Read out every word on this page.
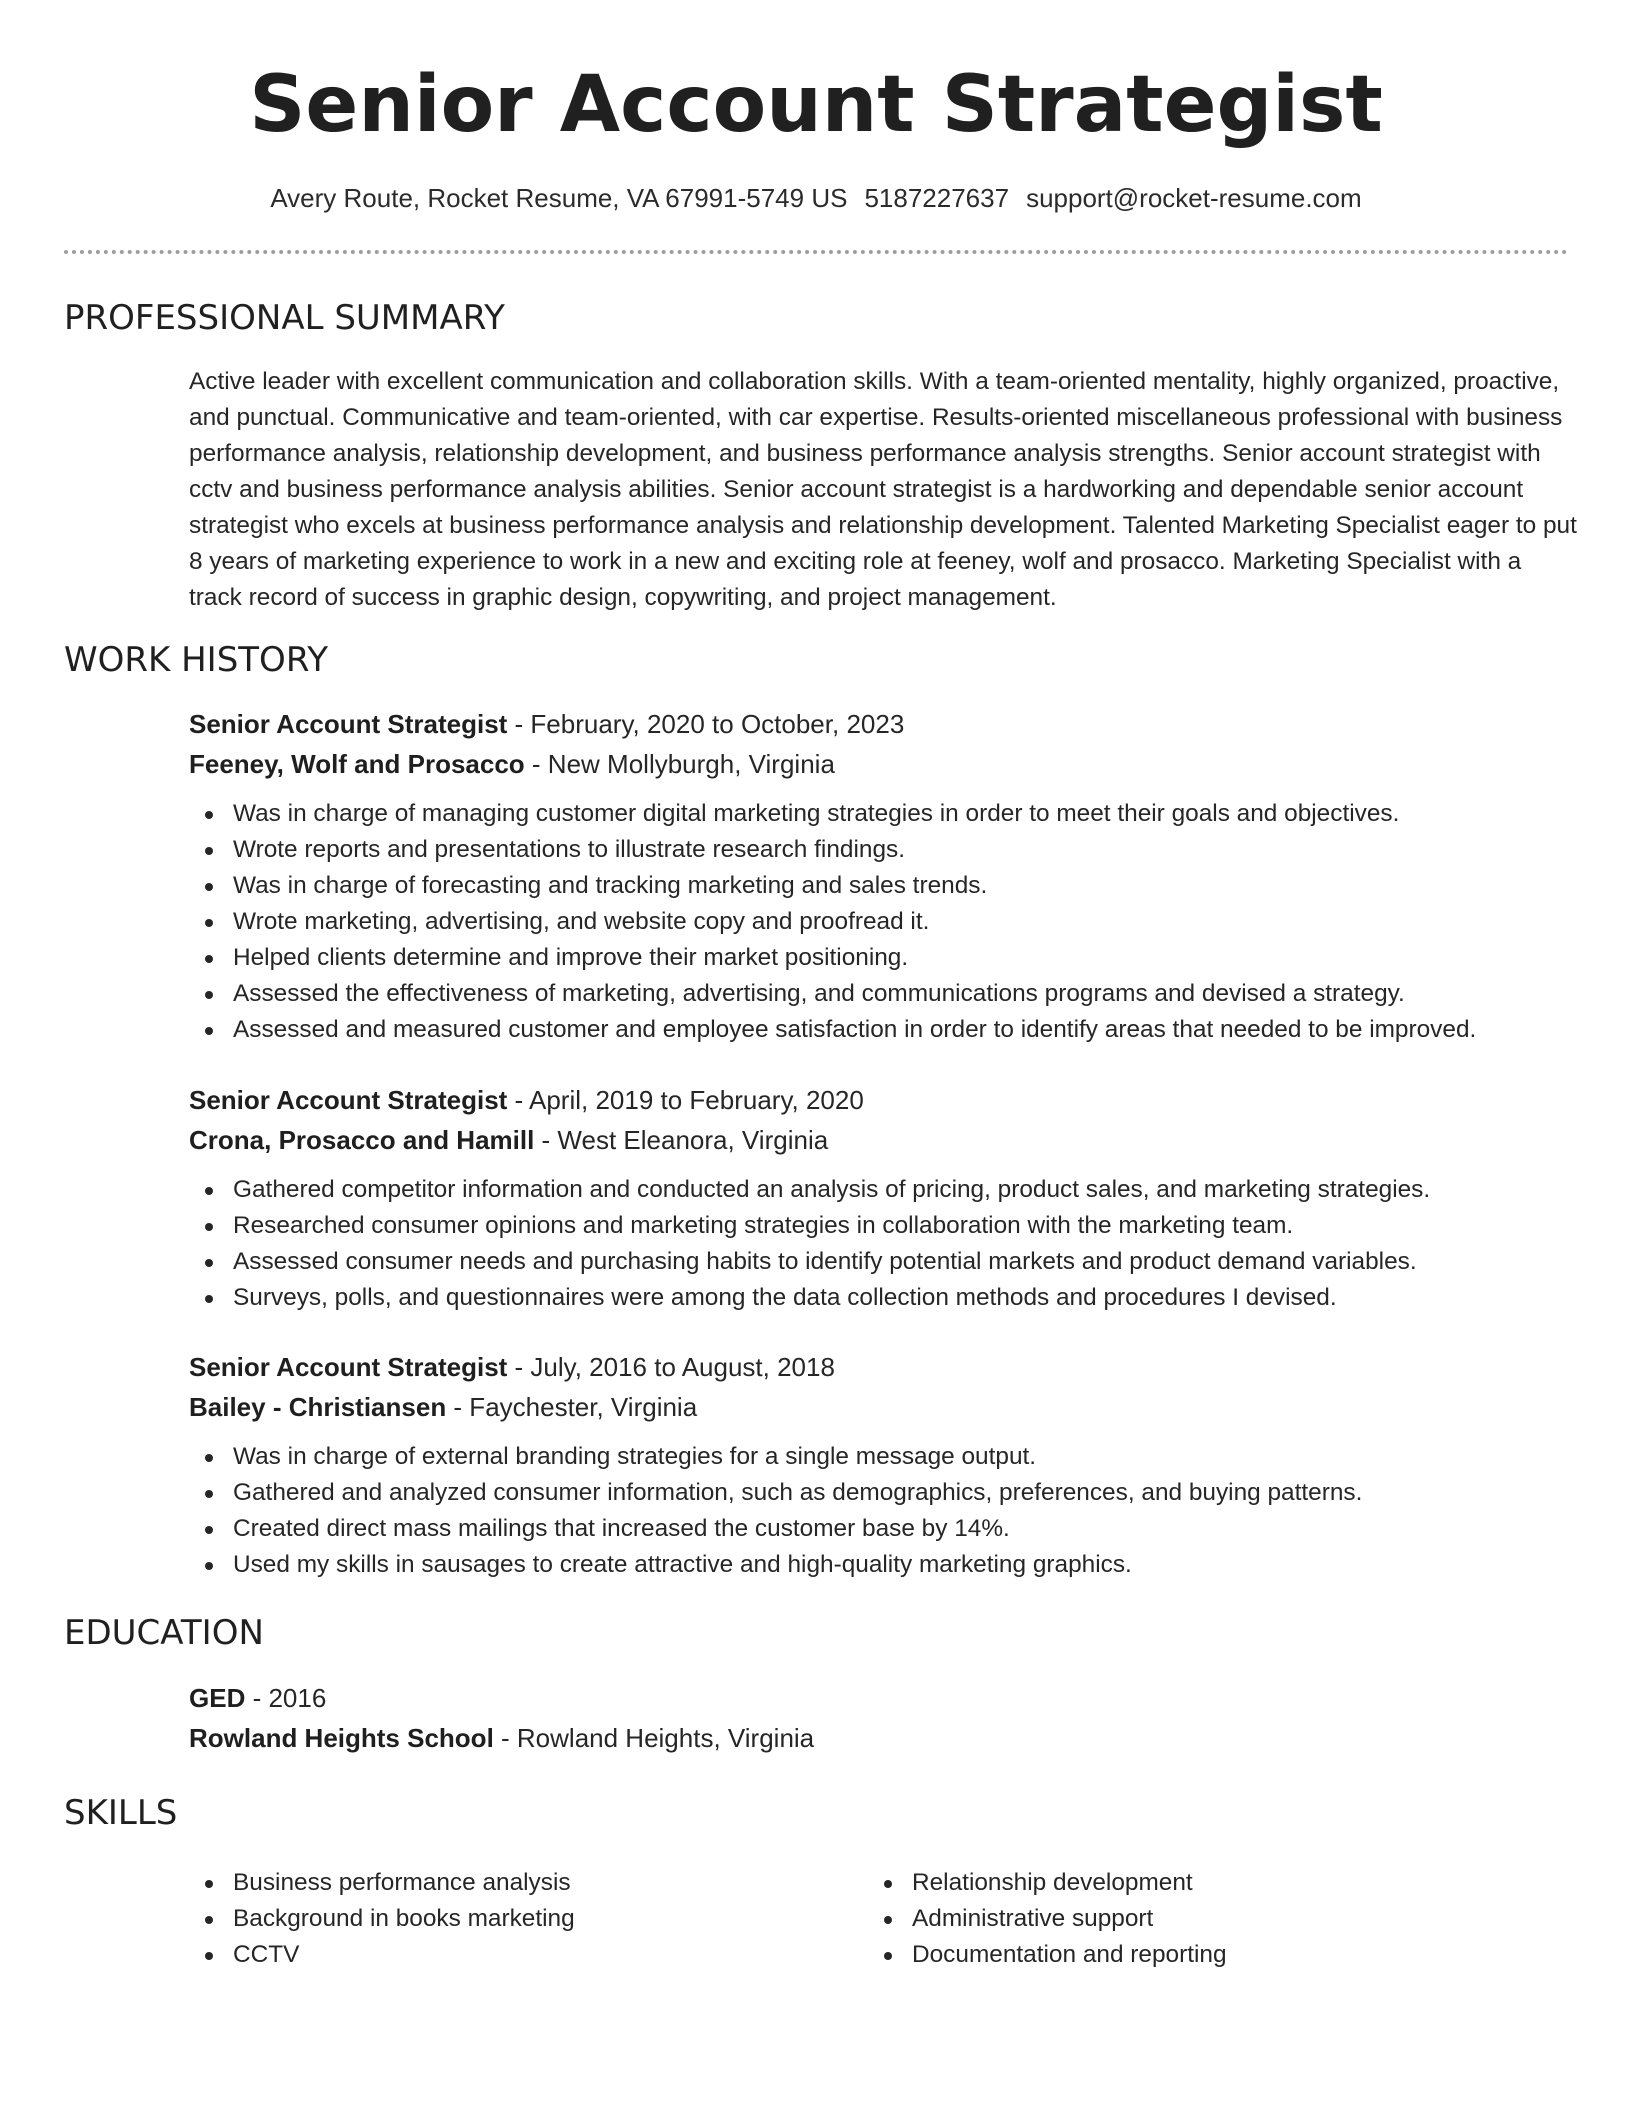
Senior Account Strategist
Avery Route, Rocket Resume, VA 67991-5749 US 5187227637 support@rocket-resume.com
PROFESSIONAL SUMMARY

Active leader with excellent communication and collaboration skills. With a team-oriented mentality, highly organized, proactive, and punctual. Communicative and team-oriented, with car expertise. Results-oriented miscellaneous professional with business performance analysis, relationship development, and business performance analysis strengths. Senior account strategist with cctv and business performance analysis abilities. Senior account strategist is a hardworking and dependable senior account strategist who excels at business performance analysis and relationship development. Talented Marketing Specialist eager to put 8 years of marketing experience to work in a new and exciting role at feeney, wolf and prosacco. Marketing Specialist with a track record of success in graphic design, copywriting, and project management.

WORK HISTORY
Senior Account Strategist - February, 2020 to October, 2023
Feeney, Wolf and Prosacco - New Mollyburgh, Virginia
Was in charge of managing customer digital marketing strategies in order to meet their goals and objectives.
Wrote reports and presentations to illustrate research findings.
Was in charge of forecasting and tracking marketing and sales trends.
Wrote marketing, advertising, and website copy and proofread it.
Helped clients determine and improve their market positioning.
Assessed the effectiveness of marketing, advertising, and communications programs and devised a strategy.
Assessed and measured customer and employee satisfaction in order to identify areas that needed to be improved.
Senior Account Strategist - April, 2019 to February, 2020
Crona, Prosacco and Hamill - West Eleanora, Virginia
Gathered competitor information and conducted an analysis of pricing, product sales, and marketing strategies.
Researched consumer opinions and marketing strategies in collaboration with the marketing team.
Assessed consumer needs and purchasing habits to identify potential markets and product demand variables.
Surveys, polls, and questionnaires were among the data collection methods and procedures I devised.
Senior Account Strategist - July, 2016 to August, 2018
Bailey - Christiansen - Faychester, Virginia
Was in charge of external branding strategies for a single message output.
Gathered and analyzed consumer information, such as demographics, preferences, and buying patterns.
Created direct mass mailings that increased the customer base by 14%.
Used my skills in sausages to create attractive and high-quality marketing graphics.
EDUCATION
GED - 2016
Rowland Heights School - Rowland Heights, Virginia
SKILLS
Business performance analysis
Background in books marketing
CCTV
Relationship development
Administrative support
Documentation and reporting
